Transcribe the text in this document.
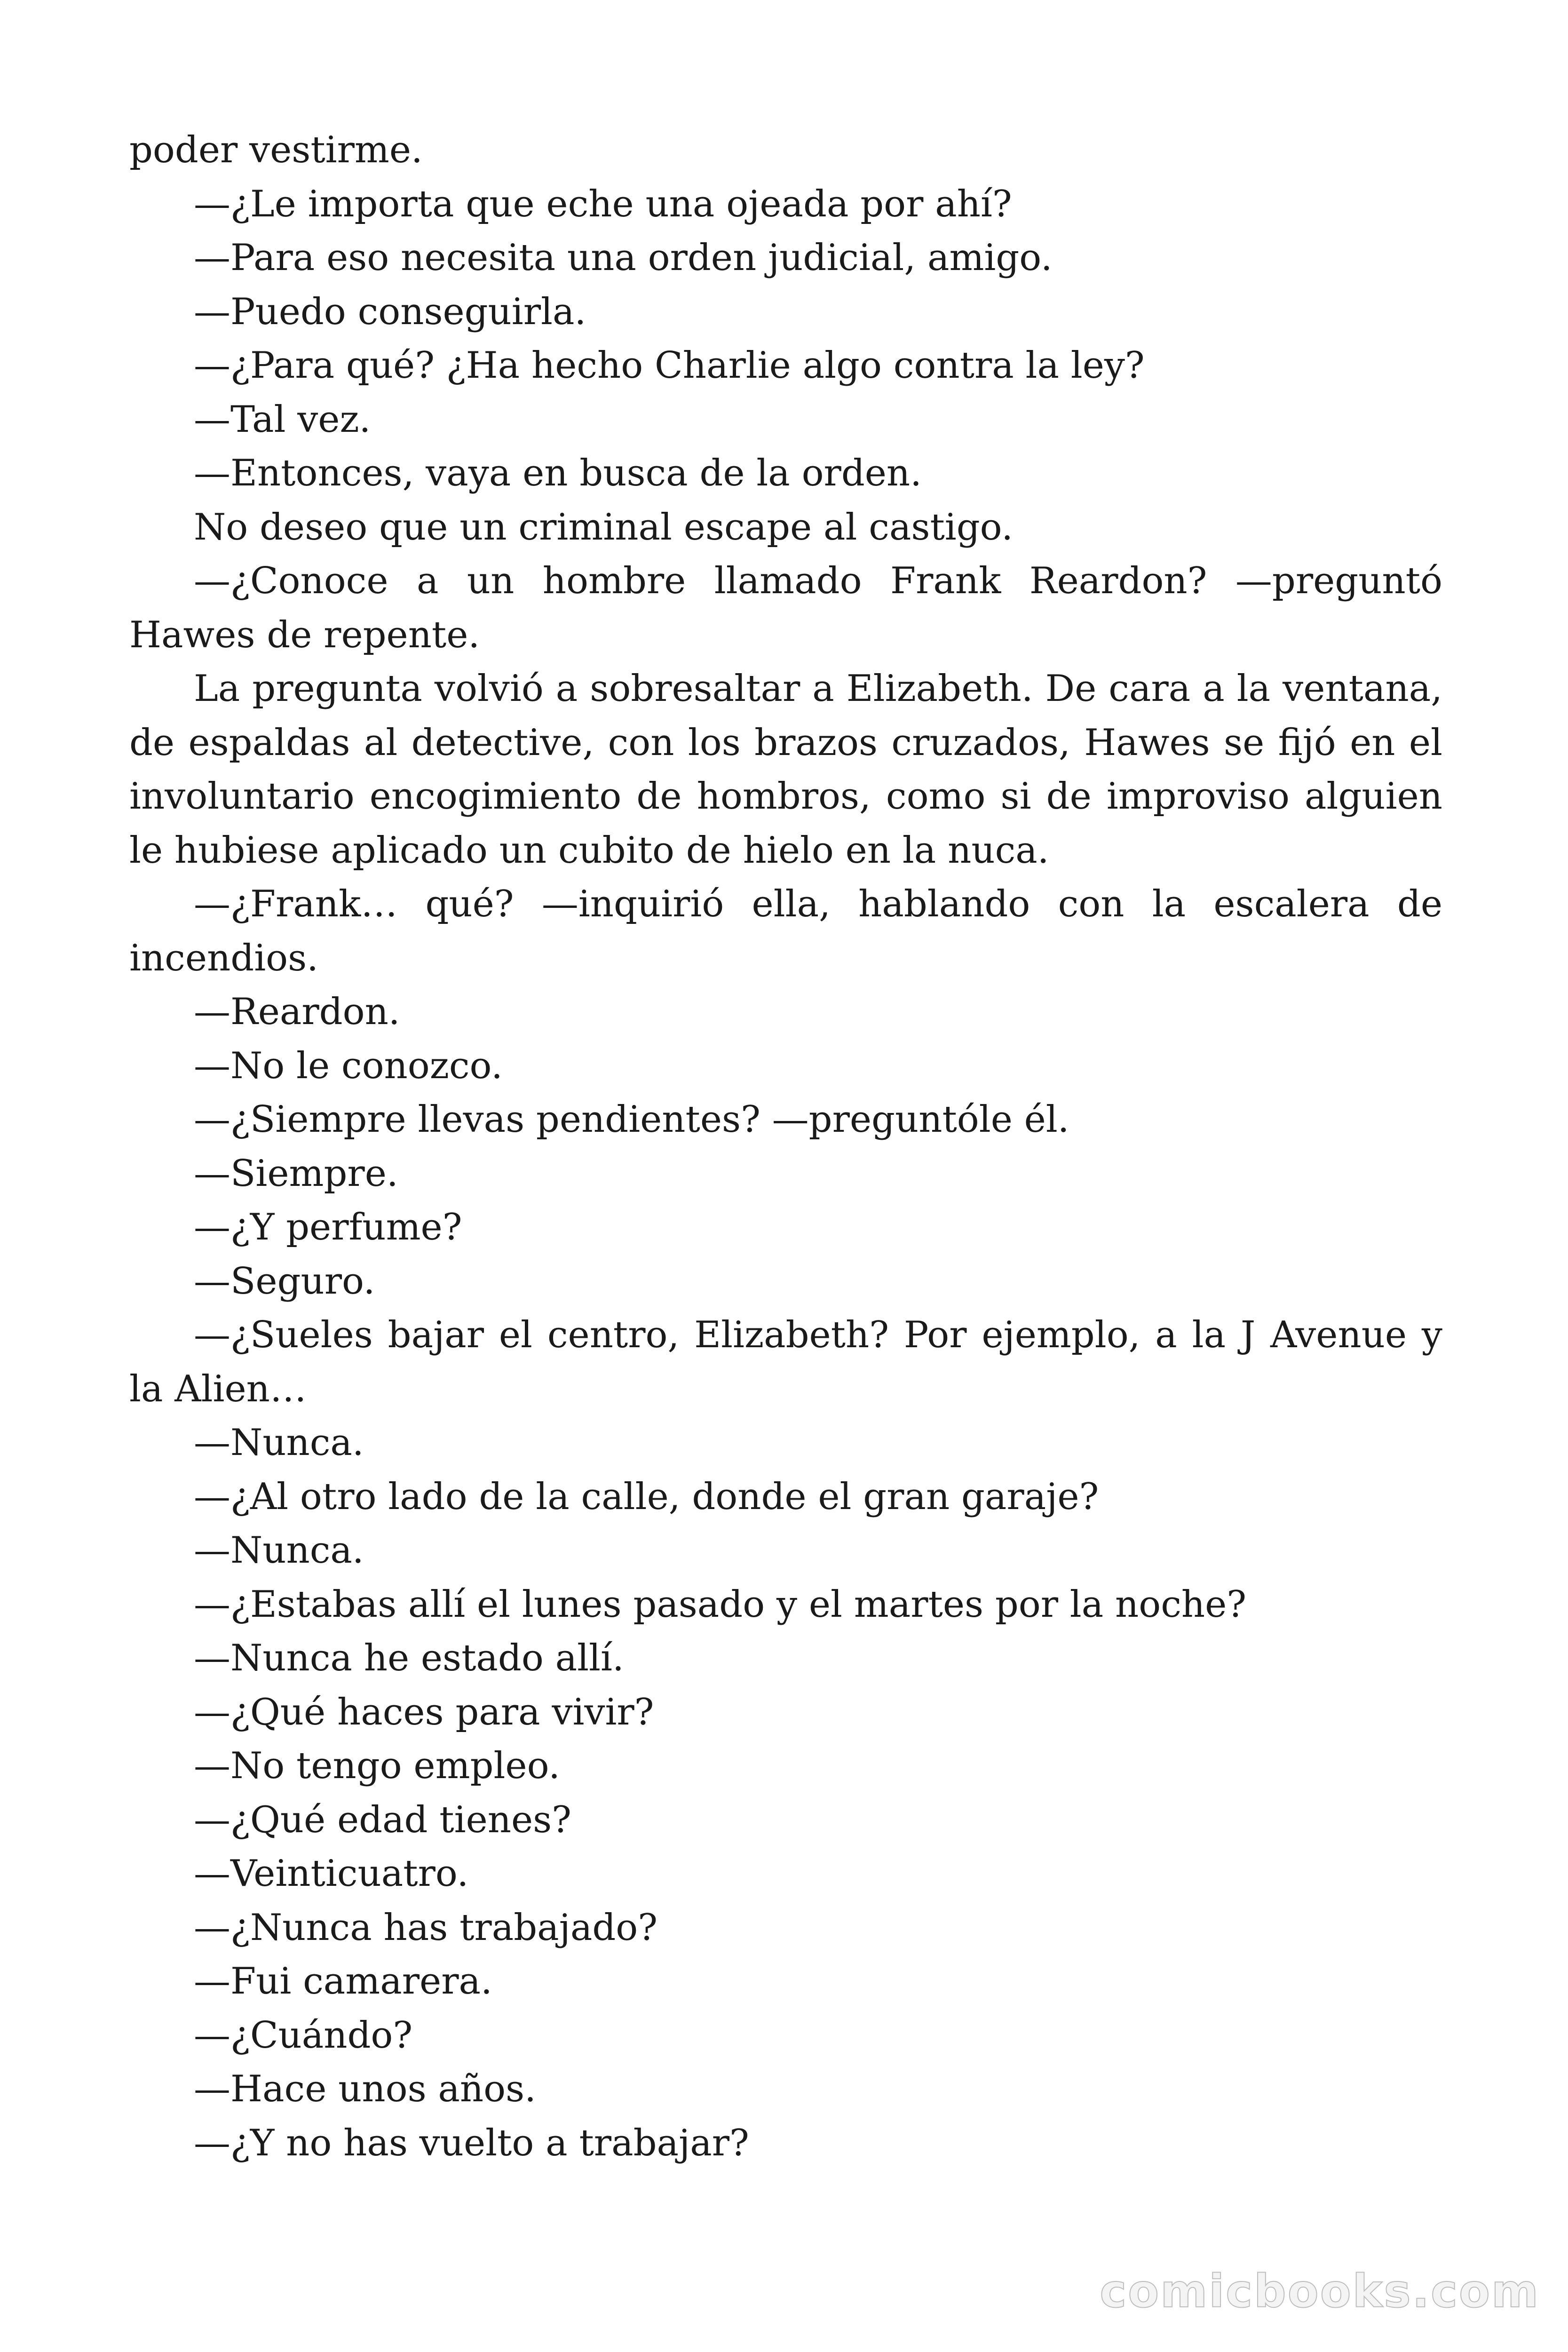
poder vestirme.

—¿Le importa que eche una ojeada por ahí?

—Para eso necesita una orden judicial, amigo.

—Puedo conseguirla.

—¿Para qué? ¿Ha hecho Charlie algo contra la ley?

—Tal vez.

—Entonces, vaya en busca de la orden.

No deseo que un criminal escape al castigo.

—¿Conoce a un hombre llamado Frank Reardon? —preguntó Hawes de repente.

La pregunta volvió a sobresaltar a Elizabeth. De cara a la ventana, de espaldas al detective, con los brazos cruzados, Hawes se fijó en el involuntario encogimiento de hombros, como si de improviso alguien le hubiese aplicado un cubito de hielo en la nuca.

—¿Frank… qué? —inquirió ella, hablando con la escalera de incendios.

—Reardon.

—No le conozco.

—¿Siempre llevas pendientes? —preguntóle él.

—Siempre.

—¿Y perfume?

—Seguro.

—¿Sueles bajar el centro, Elizabeth? Por ejemplo, a la J Avenue y la Alien…

—Nunca.

—¿Al otro lado de la calle, donde el gran garaje?

—Nunca.

—¿Estabas allí el lunes pasado y el martes por la noche?

—Nunca he estado allí.

—¿Qué haces para vivir?

—No tengo empleo.

—¿Qué edad tienes?

—Veinticuatro.

—¿Nunca has trabajado?

—Fui camarera.

—¿Cuándo?

—Hace unos años.

—¿Y no has vuelto a trabajar?

comicbooks.com
